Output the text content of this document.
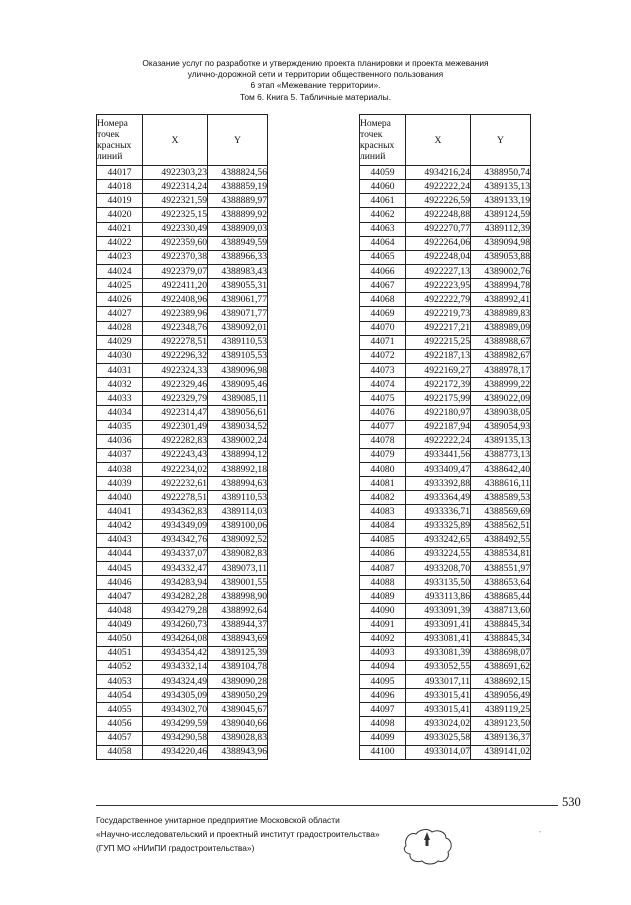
Оказание услуг по разработке и утверждению проекта планировки и проекта межевания
улично-дорожной сети и территории общественного пользования
6 этап «Межевание территории».
Том 6. Книга 5. Табличные материалы.
Номера
точек
красных
линий	X	Y
44017	4922303,23	4388824,56
44018	4922314,24	4388859,19
44019	4922321,59	4388889,97
44020	4922325,15	4388899,92
44021	4922330,49	4388909,03
44022	4922359,60	4388949,59
44023	4922370,38	4388966,33
44024	4922379,07	4388983,43
44025	4922411,20	4389055,31
44026	4922408,96	4389061,77
44027	4922389,96	4389071,77
44028	4922348,76	4389092,01
44029	4922278,51	4389110,53
44030	4922296,32	4389105,53
44031	4922324,33	4389096,98
44032	4922329,46	4389095,46
44033	4922329,79	4389085,11
44034	4922314,47	4389056,61
44035	4922301,49	4389034,52
44036	4922282,83	4389002,24
44037	4922243,43	4388994,12
44038	4922234,02	4388992,18
44039	4922232,61	4388994,63
44040	4922278,51	4389110,53
44041	4934362,83	4389114,03
44042	4934349,09	4389100,06
44043	4934342,76	4389092,52
44044	4934337,07	4389082,83
44045	4934332,47	4389073,11
44046	4934283,94	4389001,55
44047	4934282,28	4388998,90
44048	4934279,28	4388992,64
44049	4934260,73	4388944,37
44050	4934264,08	4388943,69
44051	4934354,42	4389125,39
44052	4934332,14	4389104,78
44053	4934324,49	4389090,28
44054	4934305,09	4389050,29
44055	4934302,70	4389045,67
44056	4934299,59	4389040,66
44057	4934290,58	4389028,83
44058	4934220,46	4388943,96
Номера
точек
красных
линий	X	Y
44059	4934216,24	4388950,74
44060	4922222,24	4389135,13
44061	4922226,59	4389133,19
44062	4922248,88	4389124,59
44063	4922270,77	4389112,39
44064	4922264,06	4389094,98
44065	4922248,04	4389053,88
44066	4922227,13	4389002,76
44067	4922223,95	4388994,78
44068	4922222,79	4388992,41
44069	4922219,73	4388989,83
44070	4922217,21	4388989,09
44071	4922215,25	4388988,67
44072	4922187,13	4388982,67
44073	4922169,27	4388978,17
44074	4922172,39	4388999,22
44075	4922175,99	4389022,09
44076	4922180,97	4389038,05
44077	4922187,94	4389054,93
44078	4922222,24	4389135,13
44079	4933441,56	4388773,13
44080	4933409,47	4388642,40
44081	4933392,88	4388616,11
44082	4933364,49	4388589,53
44083	4933336,71	4388569,69
44084	4933325,89	4388562,51
44085	4933242,65	4388492,55
44086	4933224,55	4388534,81
44087	4933208,70	4388551,97
44088	4933135,50	4388653,64
44089	4933113,86	4388685,44
44090	4933091,39	4388713,60
44091	4933091,41	4388845,34
44092	4933081,41	4388845,34
44093	4933081,39	4388698,07
44094	4933052,55	4388691,62
44095	4933017,11	4388692,15
44096	4933015,41	4389056,49
44097	4933015,41	4389119,25
44098	4933024,02	4389123,50
44099	4933025,58	4389136,37
44100	4933014,07	4389141,02
530
Государственное унитарное предприятие Московской области
«Научно-исследовательский и проектный институт градостроительства»
(ГУП МО «НИиПИ градостроительства»)
,
